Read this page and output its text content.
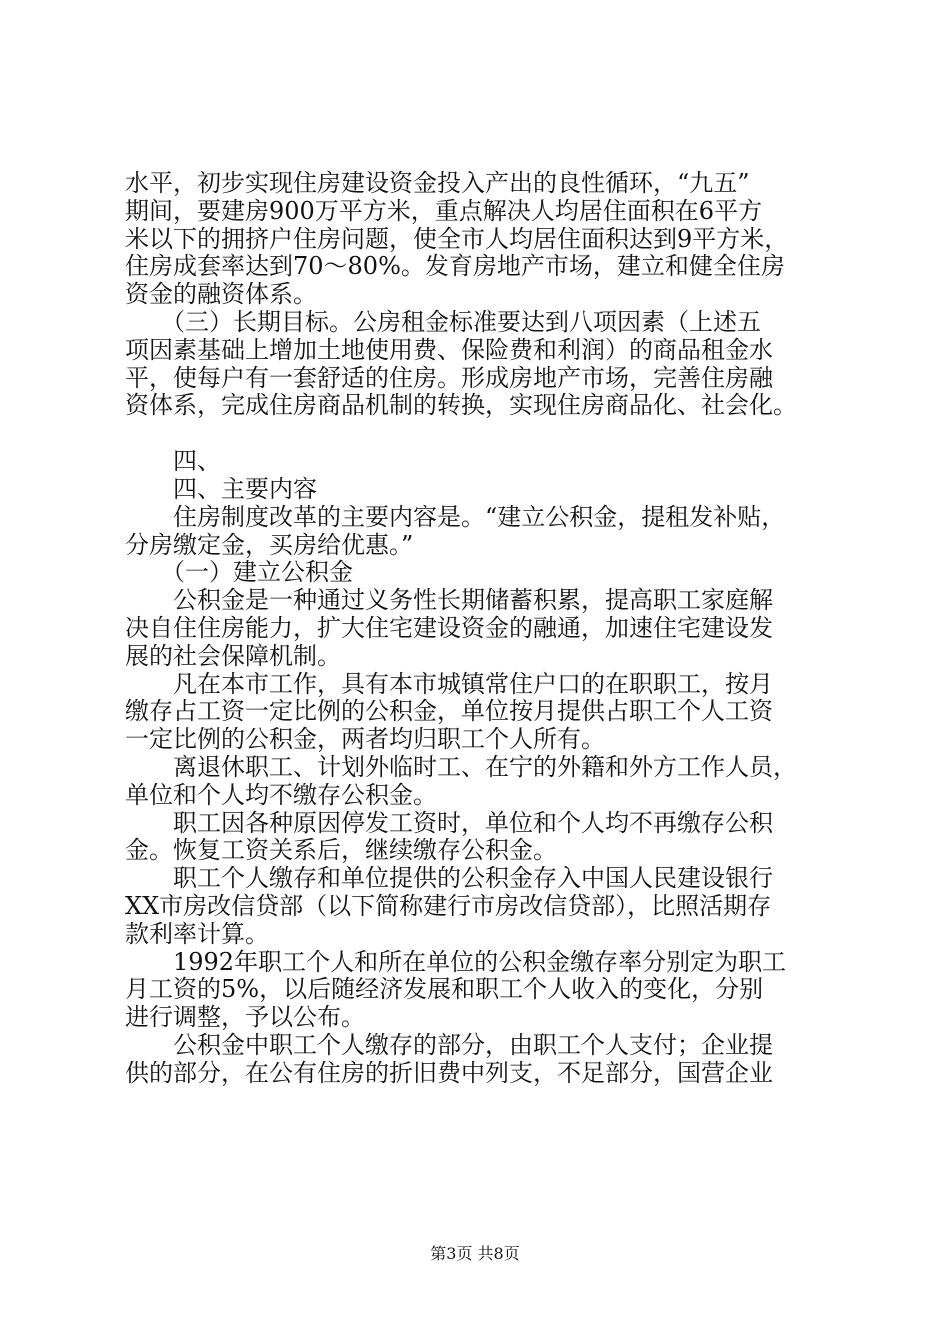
水平，初步实现住房建设资金投入产出的良性循环，“九五”
期间，要建房900万平方米，重点解决人均居住面积在6平方
米以下的拥挤户住房问题，使全市人均居住面积达到9平方米，
住房成套率达到70～80%。发育房地产市场，建立和健全住房
资金的融资体系。
　　（三）长期目标。公房租金标准要达到八项因素（上述五
项因素基础上增加土地使用费、保险费和利润）的商品租金水
平，使每户有一套舒适的住房。形成房地产市场，完善住房融
资体系，完成住房商品机制的转换，实现住房商品化、社会化。
　　四、
　　四、主要内容
　　住房制度改革的主要内容是。“建立公积金，提租发补贴，
分房缴定金，买房给优惠。”
　　（一）建立公积金
　　公积金是一种通过义务性长期储蓄积累，提高职工家庭解
决自住住房能力，扩大住宅建设资金的融通，加速住宅建设发
展的社会保障机制。
　　凡在本市工作，具有本市城镇常住户口的在职职工，按月
缴存占工资一定比例的公积金，单位按月提供占职工个人工资
一定比例的公积金，两者均归职工个人所有。
　　离退休职工、计划外临时工、在宁的外籍和外方工作人员，
单位和个人均不缴存公积金。
　　职工因各种原因停发工资时，单位和个人均不再缴存公积
金。恢复工资关系后，继续缴存公积金。
　　职工个人缴存和单位提供的公积金存入中国人民建设银行
XX市房改信贷部（以下简称建行市房改信贷部），比照活期存
款利率计算。
　　1992年职工个人和所在单位的公积金缴存率分别定为职工
月工资的5%，以后随经济发展和职工个人收入的变化，分别
进行调整，予以公布。
　　公积金中职工个人缴存的部分，由职工个人支付；企业提
供的部分，在公有住房的折旧费中列支，不足部分，国营企业
第3页 共8页
